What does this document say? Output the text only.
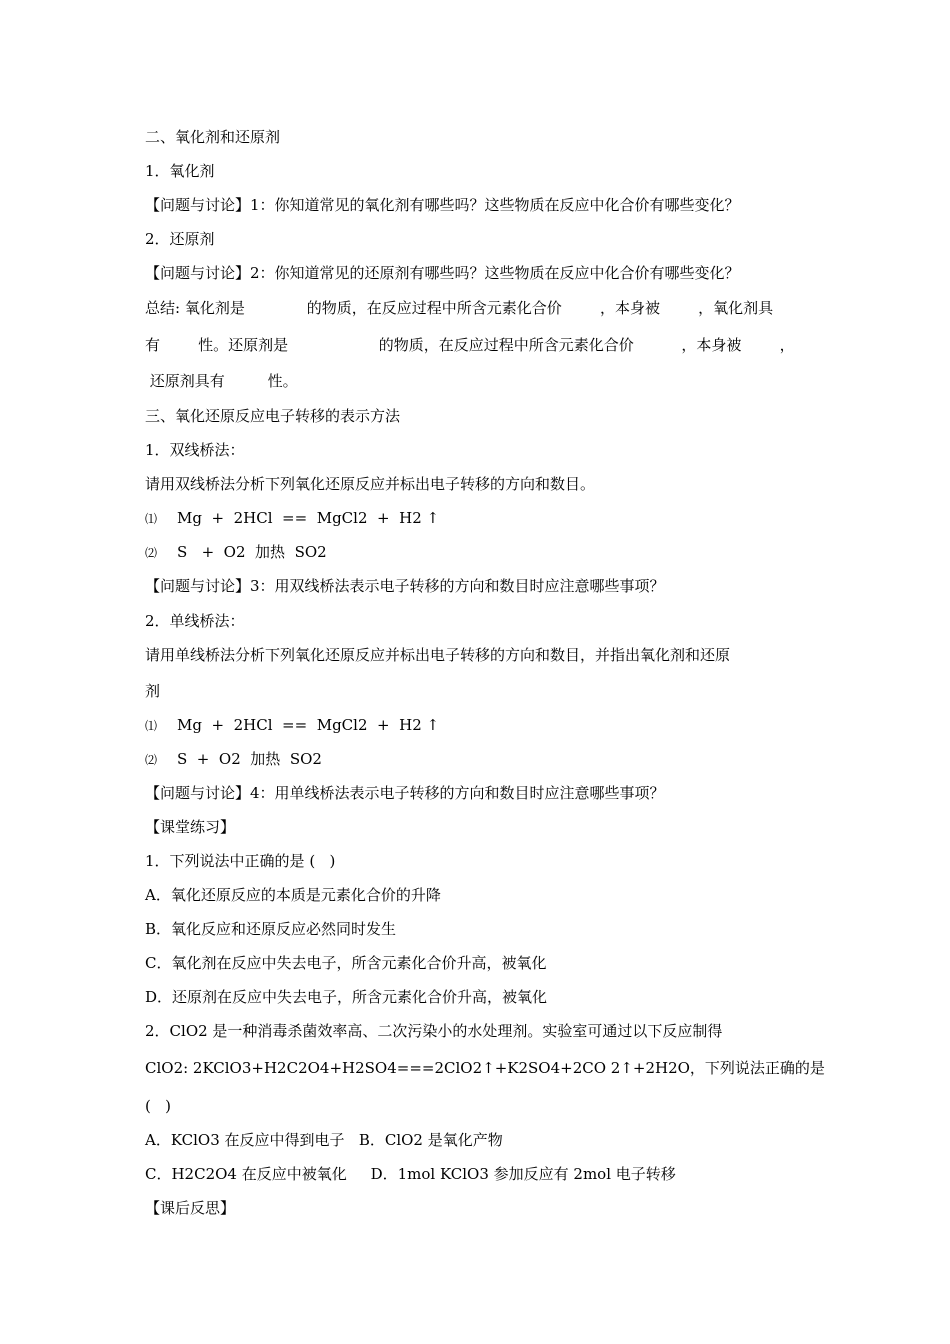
二、氧化剂和还原剂
1．氧化剂
【问题与讨论】1：你知道常见的氧化剂有哪些吗？这些物质在反应中化合价有哪些变化？
2．还原剂
【问题与讨论】2：你知道常见的还原剂有哪些吗？这些物质在反应中化合价有哪些变化？
总结: 氧化剂是             的物质，在反应过程中所含元素化合价        ，本身被        ，氧化剂具
有        性。还原剂是                   的物质，在反应过程中所含元素化合价          ，本身被        ，
还原剂具有         性。
三、氧化还原反应电子转移的表示方法
1．双线桥法：
请用双线桥法分析下列氧化还原反应并标出电子转移的方向和数目。
⑴ Mg  +  2HCl  ==  MgCl2  +  H2 ↑
⑵ S   +  O2  加热  SO2
【问题与讨论】3：用双线桥法表示电子转移的方向和数目时应注意哪些事项？
2．单线桥法：
请用单线桥法分析下列氧化还原反应并标出电子转移的方向和数目，并指出氧化剂和还原
剂
⑴ Mg  +  2HCl  ==  MgCl2  +  H2 ↑
⑵ S  +  O2  加热  SO2
【问题与讨论】4：用单线桥法表示电子转移的方向和数目时应注意哪些事项？
【课堂练习】
1．下列说法中正确的是 (   )
A．氧化还原反应的本质是元素化合价的升降
B．氧化反应和还原反应必然同时发生
C．氧化剂在反应中失去电子，所含元素化合价升高，被氧化
D．还原剂在反应中失去电子，所含元素化合价升高，被氧化
2．ClO2 是一种消毒杀菌效率高、二次污染小的水处理剂。实验室可通过以下反应制得
ClO2: 2KClO3+H2C2O4+H2SO4===2ClO2↑+K2SO4+2CO 2↑+2H2O，下列说法正确的是
(   )
A．KClO3 在反应中得到电子   B．ClO2 是氧化产物
C．H2C2O4 在反应中被氧化     D．1mol KClO3 参加反应有 2mol 电子转移
【课后反思】
